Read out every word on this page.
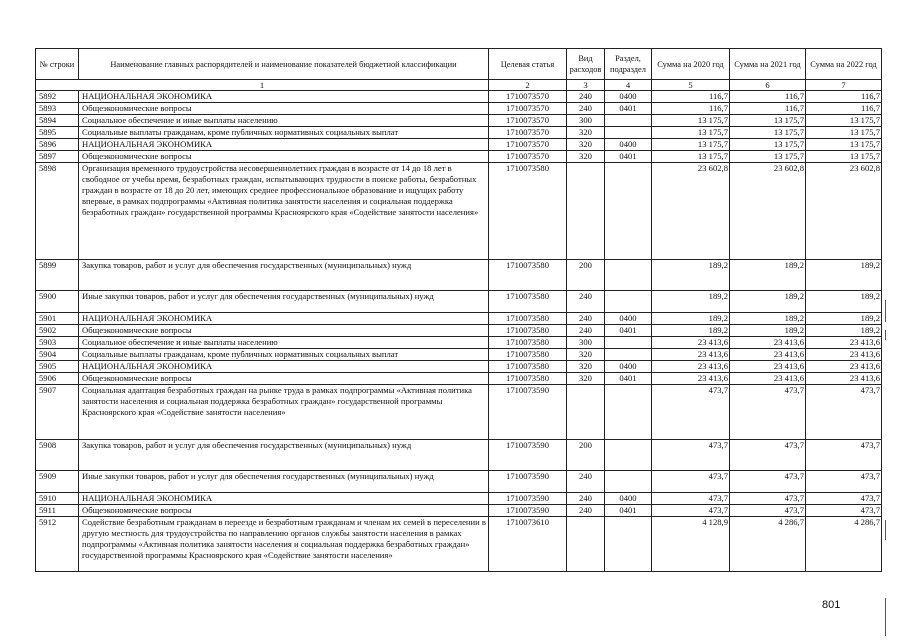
№ строки	Наименование главных распорядителей и наименование показателей бюджетной классификации	Целевая статья	Вид расходов	Раздел, подраздел	Сумма на 2020 год	Сумма на 2021 год	Сумма на 2022 год
1		2	3	4	5	6	7
5892	НАЦИОНАЛЬНАЯ ЭКОНОМИКА	1710073570	240	0400	116,7	116,7	116,7
5893	Общеэкономические вопросы	1710073570	240	0401	116,7	116,7	116,7
5894	Социальное обеспечение и иные выплаты населению	1710073570	300		13 175,7	13 175,7	13 175,7
5895	Социальные выплаты гражданам, кроме публичных нормативных социальных выплат	1710073570	320		13 175,7	13 175,7	13 175,7
5896	НАЦИОНАЛЬНАЯ ЭКОНОМИКА	1710073570	320	0400	13 175,7	13 175,7	13 175,7
5897	Общеэкономические вопросы	1710073570	320	0401	13 175,7	13 175,7	13 175,7
5898	Организация временного трудоустройства несовершеннолетних граждан в возрасте от 14 до 18 лет в свободное от учебы время, безработных граждан, испытывающих трудности в поиске работы, безработных граждан в возрасте от 18 до 20 лет, имеющих среднее профессиональное образование и ищущих работу впервые, в рамках подпрограммы «Активная политика занятости населения и социальная поддержка безработных граждан» государственной программы Красноярского края «Содействие занятости населения»	1710073580			23 602,8	23 602,8	23 602,8
5899	Закупка товаров, работ и услуг для обеспечения государственных (муниципальных) нужд	1710073580	200		189,2	189,2	189,2
5900	Иные закупки товаров, работ и услуг для обеспечения государственных (муниципальных) нужд	1710073580	240		189,2	189,2	189,2
5901	НАЦИОНАЛЬНАЯ ЭКОНОМИКА	1710073580	240	0400	189,2	189,2	189,2
5902	Общеэкономические вопросы	1710073580	240	0401	189,2	189,2	189,2
5903	Социальное обеспечение и иные выплаты населению	1710073580	300		23 413,6	23 413,6	23 413,6
5904	Социальные выплаты гражданам, кроме публичных нормативных социальных выплат	1710073580	320		23 413,6	23 413,6	23 413,6
5905	НАЦИОНАЛЬНАЯ ЭКОНОМИКА	1710073580	320	0400	23 413,6	23 413,6	23 413,6
5906	Общеэкономические вопросы	1710073580	320	0401	23 413,6	23 413,6	23 413,6
5907	Социальная адаптация безработных граждан на рынке труда в рамках подпрограммы «Активная политика занятости населения и социальная поддержка безработных граждан» государственной программы Красноярского края «Содействие занятости населения»	1710073590			473,7	473,7	473,7
5908	Закупка товаров, работ и услуг для обеспечения государственных (муниципальных) нужд	1710073590	200		473,7	473,7	473,7
5909	Иные закупки товаров, работ и услуг для обеспечения государственных (муниципальных) нужд	1710073590	240		473,7	473,7	473,7
5910	НАЦИОНАЛЬНАЯ ЭКОНОМИКА	1710073590	240	0400	473,7	473,7	473,7
5911	Общеэкономические вопросы	1710073590	240	0401	473,7	473,7	473,7
5912	Содействие безработным гражданам в переезде и безработным гражданам и членам их семей в переселении в другую местность для трудоустройства по направлению органов службы занятости населения в рамках подпрограммы «Активная политика занятости населения и социальная поддержка безработных граждан» государственной программы Красноярского края «Содействие занятости населения»	1710073610			4 128,9	4 286,7	4 286,7
801
